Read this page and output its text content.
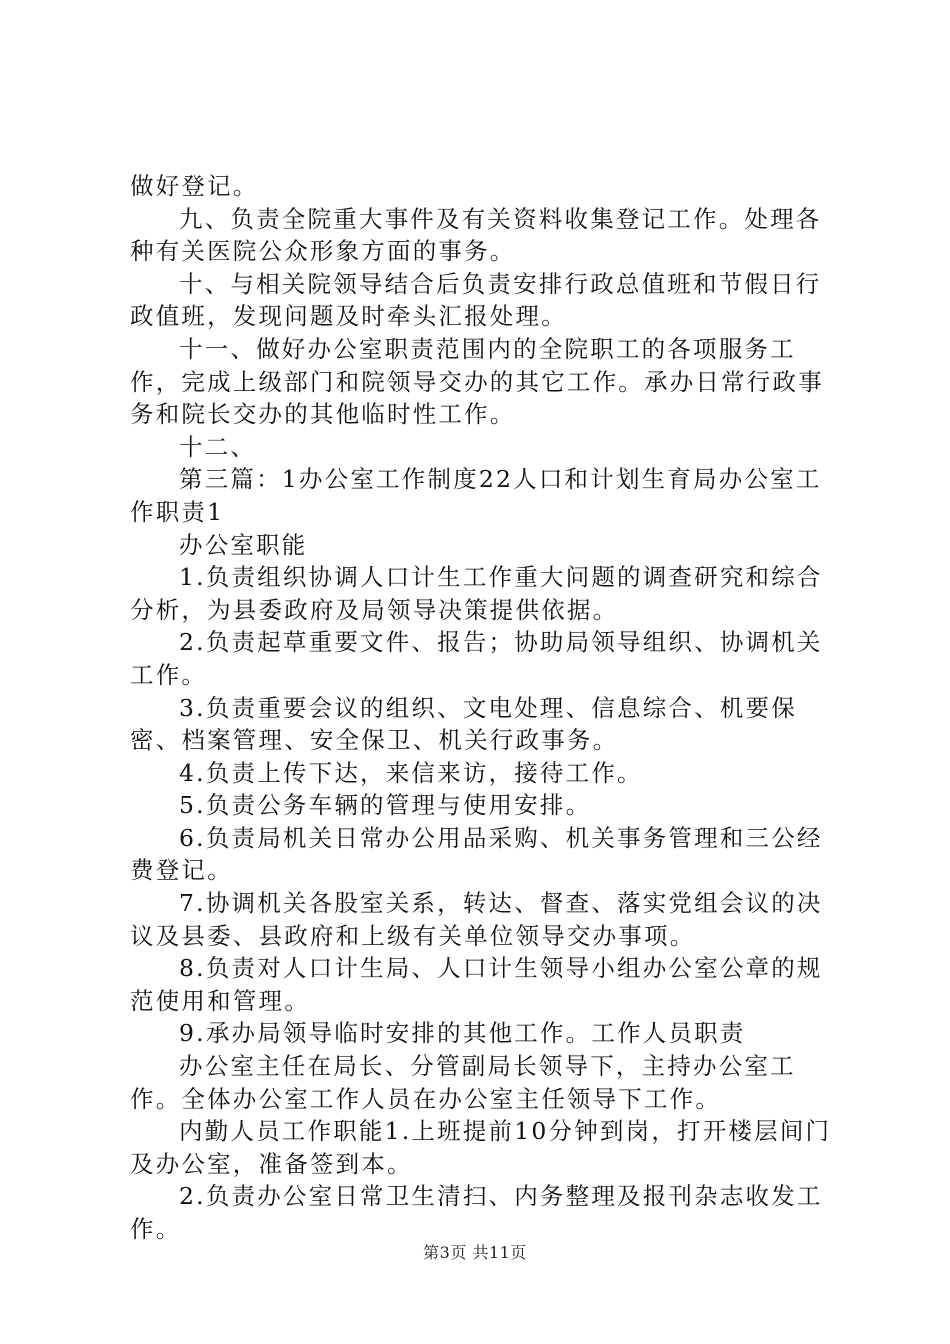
做好登记。

九、负责全院重大事件及有关资料收集登记工作。处理各种有关医院公众形象方面的事务。

十、与相关院领导结合后负责安排行政总值班和节假日行政值班，发现问题及时牵头汇报处理。

十一、做好办公室职责范围内的全院职工的各项服务工作，完成上级部门和院领导交办的其它工作。承办日常行政事务和院长交办的其他临时性工作。

十二、

第三篇：1办公室工作制度22人口和计划生育局办公室工作职责1

办公室职能

1.负责组织协调人口计生工作重大问题的调查研究和综合分析，为县委政府及局领导决策提供依据。

2.负责起草重要文件、报告；协助局领导组织、协调机关工作。

3.负责重要会议的组织、文电处理、信息综合、机要保密、档案管理、安全保卫、机关行政事务。

4.负责上传下达，来信来访，接待工作。

5.负责公务车辆的管理与使用安排。

6.负责局机关日常办公用品采购、机关事务管理和三公经费登记。

7.协调机关各股室关系，转达、督查、落实党组会议的决议及县委、县政府和上级有关单位领导交办事项。

8.负责对人口计生局、人口计生领导小组办公室公章的规范使用和管理。

9.承办局领导临时安排的其他工作。工作人员职责

办公室主任在局长、分管副局长领导下，主持办公室工作。全体办公室工作人员在办公室主任领导下工作。

内勤人员工作职能1.上班提前10分钟到岗，打开楼层间门及办公室，准备签到本。

2.负责办公室日常卫生清扫、内务整理及报刊杂志收发工作。

第3页 共11页
